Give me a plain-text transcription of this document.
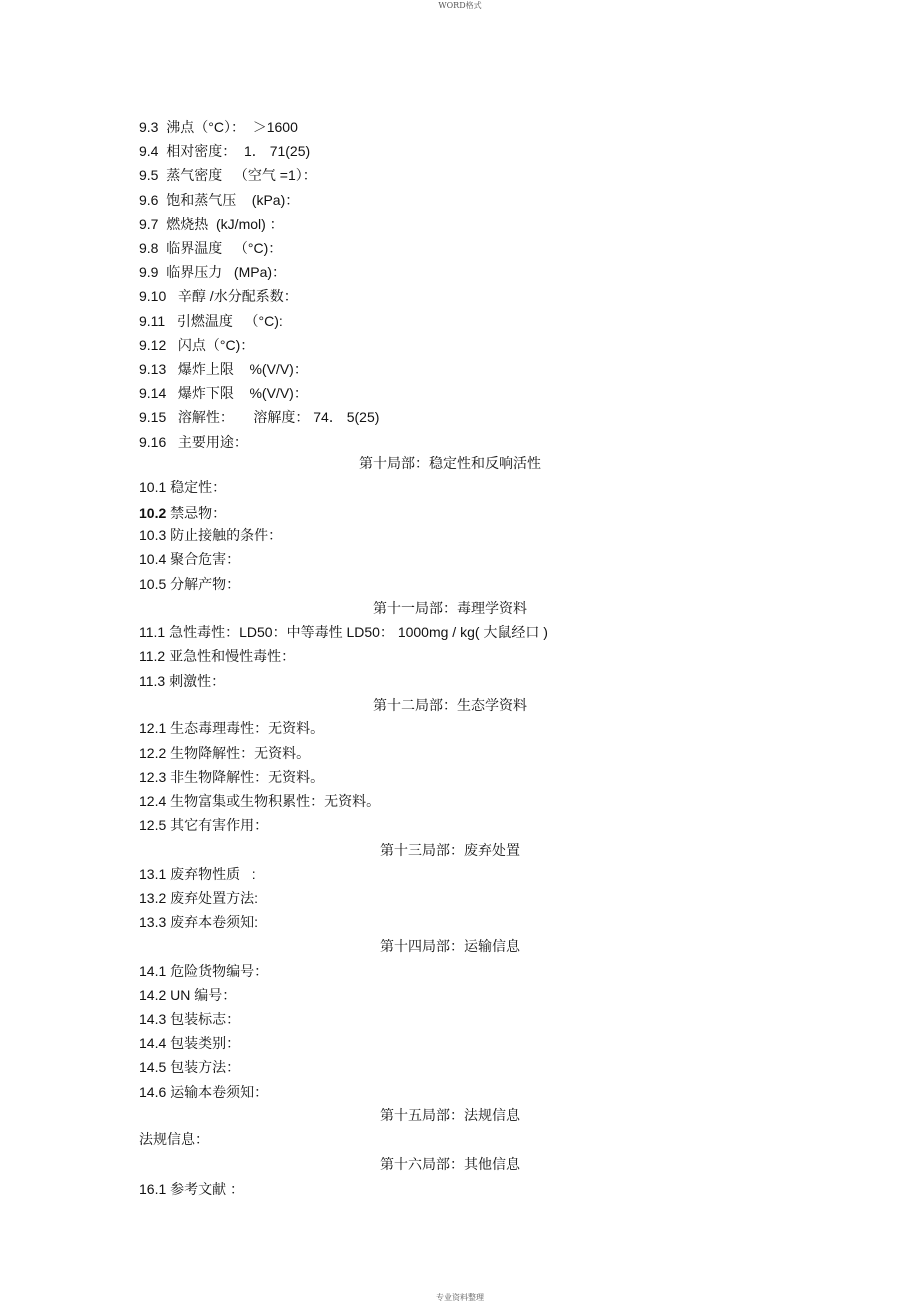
WORD格式
9.3  沸点（°C）：  ＞1600
9.4  相对密度：  1． 71(25)
9.5  蒸气密度   （空气 =1）：
9.6  饱和蒸气压    (kPa)：
9.7  燃烧热  (kJ/mol) ：
9.8  临界温度   （°C)：
9.9  临界压力   (MPa)：
9.10   辛醇 /水分配系数：
9.11   引燃温度   （°C):
9.12   闪点（°C)：
9.13   爆炸上限    %(V/V)：
9.14   爆炸下限    %(V/V)：
9.15   溶解性：     溶解度： 74． 5(25)
9.16   主要用途：
第十局部：稳定性和反响活性
10.1 稳定性：
10.2 禁忌物：
10.3 防止接触的条件：
10.4 聚合危害：
10.5 分解产物：
第十一局部：毒理学资料
11.1 急性毒性：LD50：中等毒性 LD50： 1000mg / kg( 大鼠经口 )
11.2 亚急性和慢性毒性：
11.3 刺激性：
第十二局部：生态学资料
12.1 生态毒理毒性：无资料。
12.2 生物降解性：无资料。
12.3 非生物降解性：无资料。
12.4 生物富集或生物积累性：无资料。
12.5 其它有害作用：
第十三局部：废弃处置
13.1 废弃物性质   :
13.2 废弃处置方法:
13.3 废弃本卷须知:
第十四局部：运输信息
14.1 危险货物编号：
14.2 UN 编号：
14.3 包装标志：
14.4 包装类别：
14.5 包装方法：
14.6 运输本卷须知：
第十五局部：法规信息
法规信息：
第十六局部：其他信息
16.1 参考文献 ：
专业资料整理
